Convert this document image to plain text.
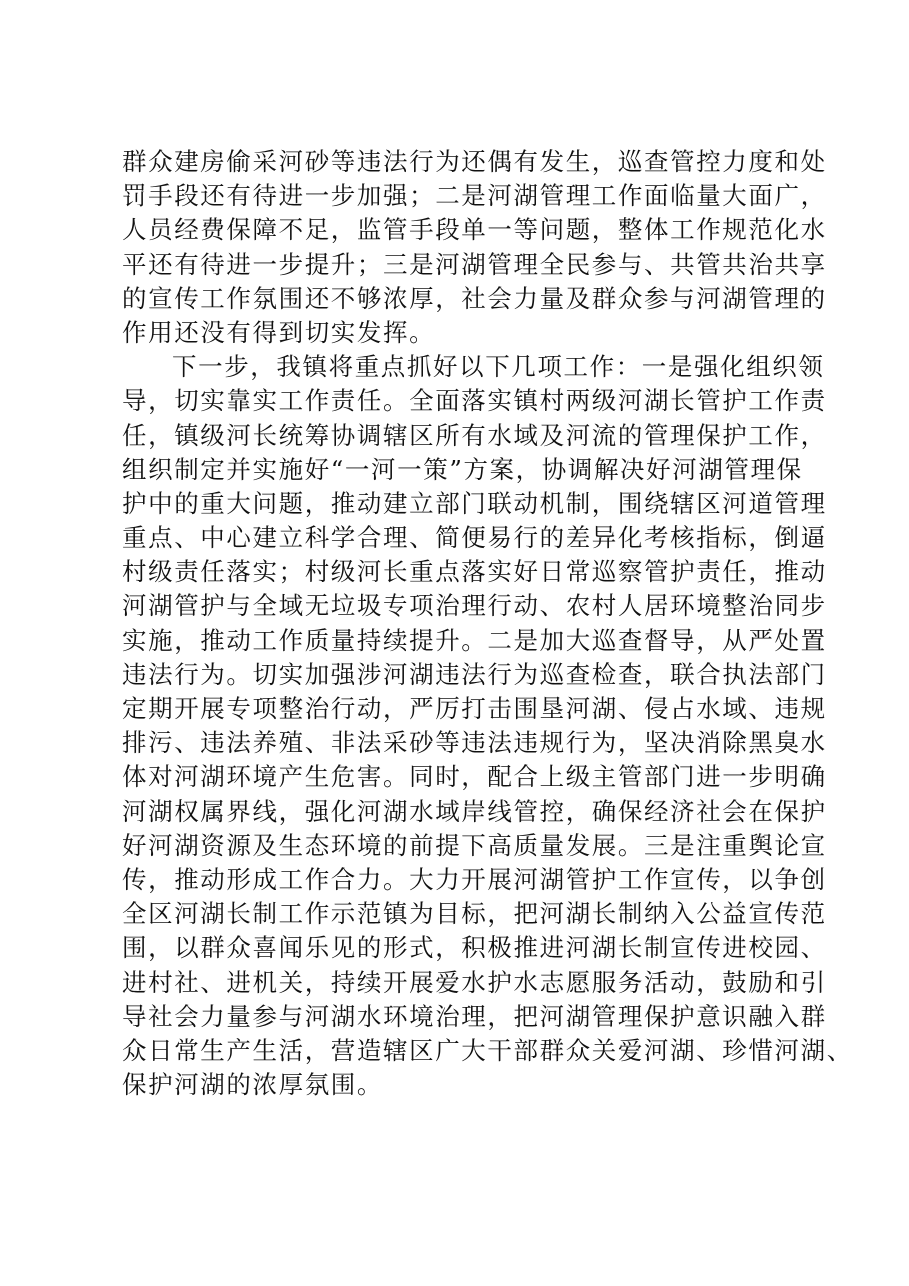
群众建房偷采河砂等违法行为还偶有发生，巡查管控力度和处
罚手段还有待进一步加强；二是河湖管理工作面临量大面广，
人员经费保障不足，监管手段单一等问题，整体工作规范化水
平还有待进一步提升；三是河湖管理全民参与、共管共治共享
的宣传工作氛围还不够浓厚，社会力量及群众参与河湖管理的
作用还没有得到切实发挥。
下一步，我镇将重点抓好以下几项工作：一是强化组织领
导，切实靠实工作责任。全面落实镇村两级河湖长管护工作责
任，镇级河长统筹协调辖区所有水域及河流的管理保护工作，
组织制定并实施好“一河一策”方案，协调解决好河湖管理保
护中的重大问题，推动建立部门联动机制，围绕辖区河道管理
重点、中心建立科学合理、简便易行的差异化考核指标，倒逼
村级责任落实；村级河长重点落实好日常巡察管护责任，推动
河湖管护与全域无垃圾专项治理行动、农村人居环境整治同步
实施，推动工作质量持续提升。二是加大巡查督导，从严处置
违法行为。切实加强涉河湖违法行为巡查检查，联合执法部门
定期开展专项整治行动，严厉打击围垦河湖、侵占水域、违规
排污、违法养殖、非法采砂等违法违规行为，坚决消除黑臭水
体对河湖环境产生危害。同时，配合上级主管部门进一步明确
河湖权属界线，强化河湖水域岸线管控，确保经济社会在保护
好河湖资源及生态环境的前提下高质量发展。三是注重舆论宣
传，推动形成工作合力。大力开展河湖管护工作宣传，以争创
全区河湖长制工作示范镇为目标，把河湖长制纳入公益宣传范
围，以群众喜闻乐见的形式，积极推进河湖长制宣传进校园、
进村社、进机关，持续开展爱水护水志愿服务活动，鼓励和引
导社会力量参与河湖水环境治理，把河湖管理保护意识融入群
众日常生产生活，营造辖区广大干部群众关爱河湖、珍惜河湖、
保护河湖的浓厚氛围。
